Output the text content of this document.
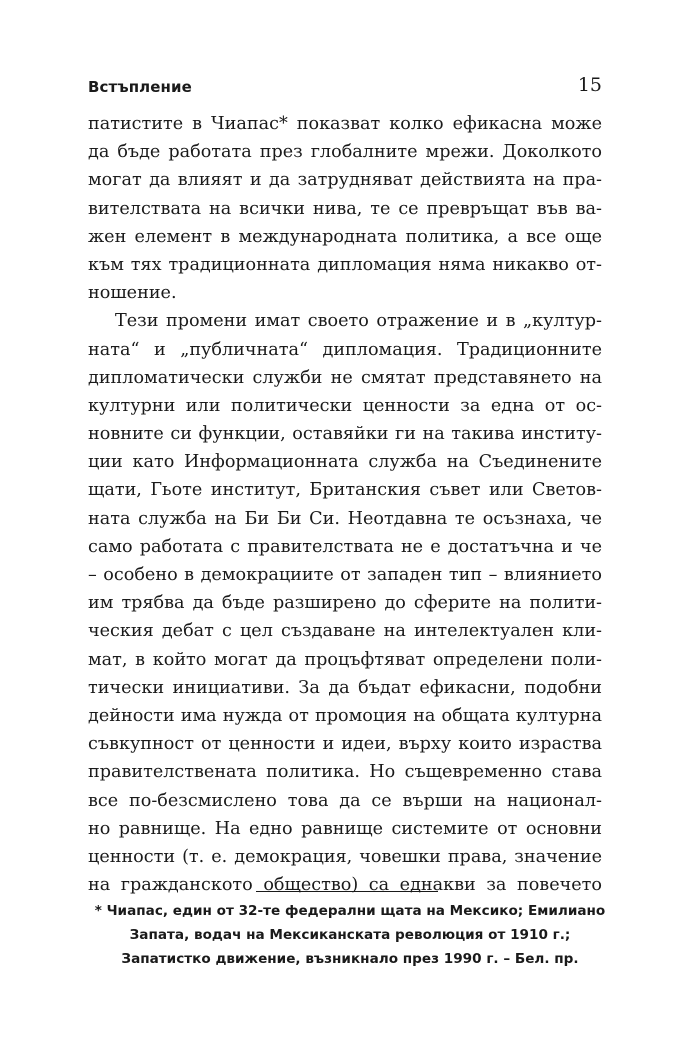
Встъпление	15
патистите в Чиапас* показват колко ефикасна може
да бъде работата през глобалните мрежи. Доколкото
могат да влияят и да затрудняват действията на пра-
вителствата на всички нива, те се превръщат във ва-
жен елемент в международната политика, а все още
към тях традиционната дипломация няма никакво от-
ношение.
Тези промени имат своето отражение и в „култур-
ната“ и „публичната“ дипломация. Традиционните
дипломатически служби не смятат представянето на
културни или политически ценности за една от ос-
новните си функции, оставяйки ги на такива институ-
ции като Информационната служба на Съединените
щати, Гьоте институт, Британския съвет или Светов-
ната служба на Би Би Си. Неотдавна те осъзнаха, че
само работата с правителствата не е достатъчна и че
– особено в демокрациите от западен тип – влиянието
им трябва да бъде разширено до сферите на полити-
ческия дебат с цел създаване на интелектуален кли-
мат, в който могат да процъфтяват определени поли-
тически инициативи. За да бъдат ефикасни, подобни
дейности има нужда от промоция на общата културна
съвкупност от ценности и идеи, върху които израства
правителствената политика. Но същевременно става
все по-безсмислено това да се върши на национал-
но равнище. На едно равнище системите от основни
ценности (т. е. демокрация, човешки права, значение
на гражданското общество) са еднакви за повечето
* Чиапас, един от 32-те федерални щата на Мексико; Емилиано
Запата, водач на Мексиканската революция от 1910 г.;
Запатистко движение, възникнало през 1990 г. – Бел. пр.
